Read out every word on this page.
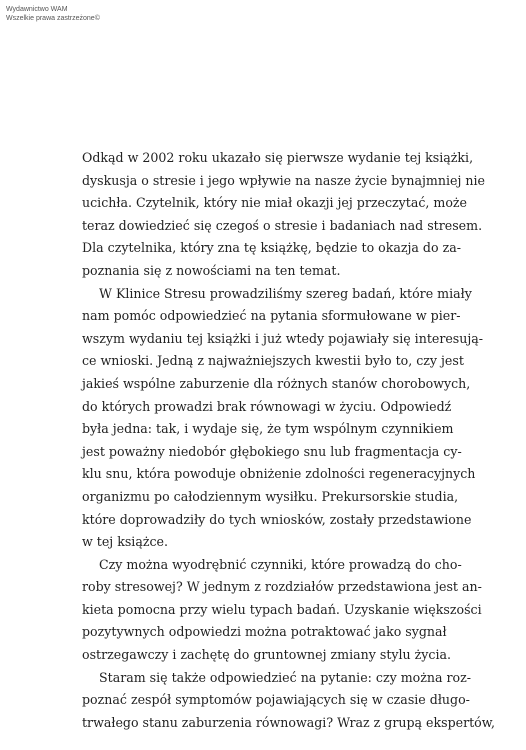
Wydawnictwo WAM
Wszelkie prawa zastrzeżone©
Odkąd w 2002 roku ukazało się pierwsze wydanie tej książki,
dyskusja o stresie i jego wpływie na nasze życie bynajmniej nie
ucichła. Czytelnik, który nie miał okazji jej przeczytać, może
teraz dowiedzieć się czegoś o stresie i badaniach nad stresem.
Dla czytelnika, który zna tę książkę, będzie to okazja do za-
poznania się z nowościami na ten temat.
W Klinice Stresu prowadziliśmy szereg badań, które miały
nam pomóc odpowiedzieć na pytania sformułowane w pier-
wszym wydaniu tej książki i już wtedy pojawiały się interesują-
ce wnioski. Jedną z najważniejszych kwestii było to, czy jest
jakieś wspólne zaburzenie dla różnych stanów chorobowych,
do których prowadzi brak równowagi w życiu. Odpowiedź
była jedna: tak, i wydaje się, że tym wspólnym czynnikiem
jest poważny niedobór głębokiego snu lub fragmentacja cy-
klu snu, która powoduje obniżenie zdolności regeneracyjnych
organizmu po całodziennym wysiłku. Prekursorskie studia,
które doprowadziły do tych wniosków, zostały przedstawione
w tej książce.
Czy można wyodrębnić czynniki, które prowadzą do cho-
roby stresowej? W jednym z rozdziałów przedstawiona jest an-
kieta pomocna przy wielu typach badań. Uzyskanie większości
pozytywnych odpowiedzi można potraktować jako sygnał
ostrzegawczy i zachętę do gruntownej zmiany stylu życia.
Staram się także odpowiedzieć na pytanie: czy można roz-
poznać zespół symptomów pojawiających się w czasie długo-
trwałego stanu zaburzenia równowagi? Wraz z grupą ekspertów,
